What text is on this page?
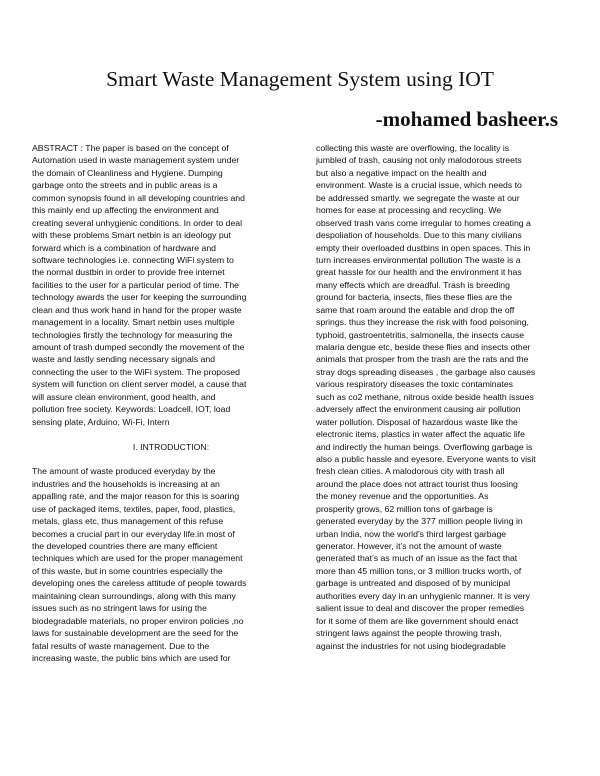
Smart Waste Management System using IOT
-mohamed basheer.s
ABSTRACT : The paper is based on the concept of
Automation used in waste management system under
the domain of Cleanliness and Hygiene. Dumping
garbage onto the streets and in public areas is a
common synopsis found in all developing countries and
this mainly end up affecting the environment and
creating several unhygienic conditions. In order to deal
with these problems Smart netbin is an ideology put
forward which is a combination of hardware and
software technologies i.e. connecting WiFi system to
the normal dustbin in order to provide free internet
facilities to the user for a particular period of time. The
technology awards the user for keeping the surrounding
clean and thus work hand in hand for the proper waste
management in a locality. Smart netbin uses multiple
technologies firstly the technology for measuring the
amount of trash dumped secondly the movement of the
waste and lastly sending necessary signals and
connecting the user to the WiFi system. The proposed
system will function on client server model, a cause that
will assure clean environment, good health, and
pollution free society. Keywords: Loadcell, IOT, load
sensing plate, Arduino, Wi-Fi, Intern
I. INTRODUCTION:
The amount of waste produced everyday by the
industries and the households is increasing at an
appalling rate, and the major reason for this is soaring
use of packaged items, textiles, paper, food, plastics,
metals, glass etc, thus management of this refuse
becomes a crucial part in our everyday life.in most of
the developed countries there are many efficient
techniques which are used for the proper management
of this waste, but in some countries especially the
developing ones the careless attitude of people towards
maintaining clean surroundings, along with this many
issues such as no stringent laws for using the
biodegradable materials, no proper environ policies ,no
laws for sustainable development are the seed for the
fatal results of waste management. Due to the
increasing waste, the public bins which are used for
collecting this waste are overflowing, the locality is
jumbled of trash, causing not only malodorous streets
but also a negative impact on the health and
environment. Waste is a crucial issue, which needs to
be addressed smartly. we segregate the waste at our
homes for ease at processing and recycling. We
observed trash vans come irregular to homes creating a
despoliation of households. Due to this many civilians
empty their overloaded dustbins in open spaces. This in
turn increases environmental pollution The waste is a
great hassle for our health and the environment it has
many effects which are dreadful. Trash is breeding
ground for bacteria, insects, flies these flies are the
same that roam around the eatable and drop the off
springs. thus they increase the risk with food poisoning,
typhoid, gastroentetritis, salmonella, the insects cause
malaria dengue etc, beside these flies and insects other
animals that prosper from the trash are the rats and the
stray dogs spreading diseases , the garbage also causes
various respiratory diseases the toxic contaminates
such as co2 methane, nitrous oxide beside health issues
adversely affect the environment causing air pollution
water pollution. Disposal of hazardous waste like the
electronic items, plastics in water affect the aquatic life
and indirectly the human beings. Overflowing garbage is
also a public hassle and eyesore. Everyone wants to visit
fresh clean cities. A malodorous city with trash all
around the place does not attract tourist thus loosing
the money revenue and the opportunities. As
prosperity grows, 62 million tons of garbage is
generated everyday by the 377 million people living in
urban India, now the world’s third largest garbage
generator. However, it’s not the amount of waste
generated that’s as much of an issue as the fact that
more than 45 million tons, or 3 million trucks worth, of
garbage is untreated and disposed of by municipal
authorities every day in an unhygienic manner. It is very
salient issue to deal and discover the proper remedies
for it some of them are like government should enact
stringent laws against the people throwing trash,
against the industries for not using biodegradable
